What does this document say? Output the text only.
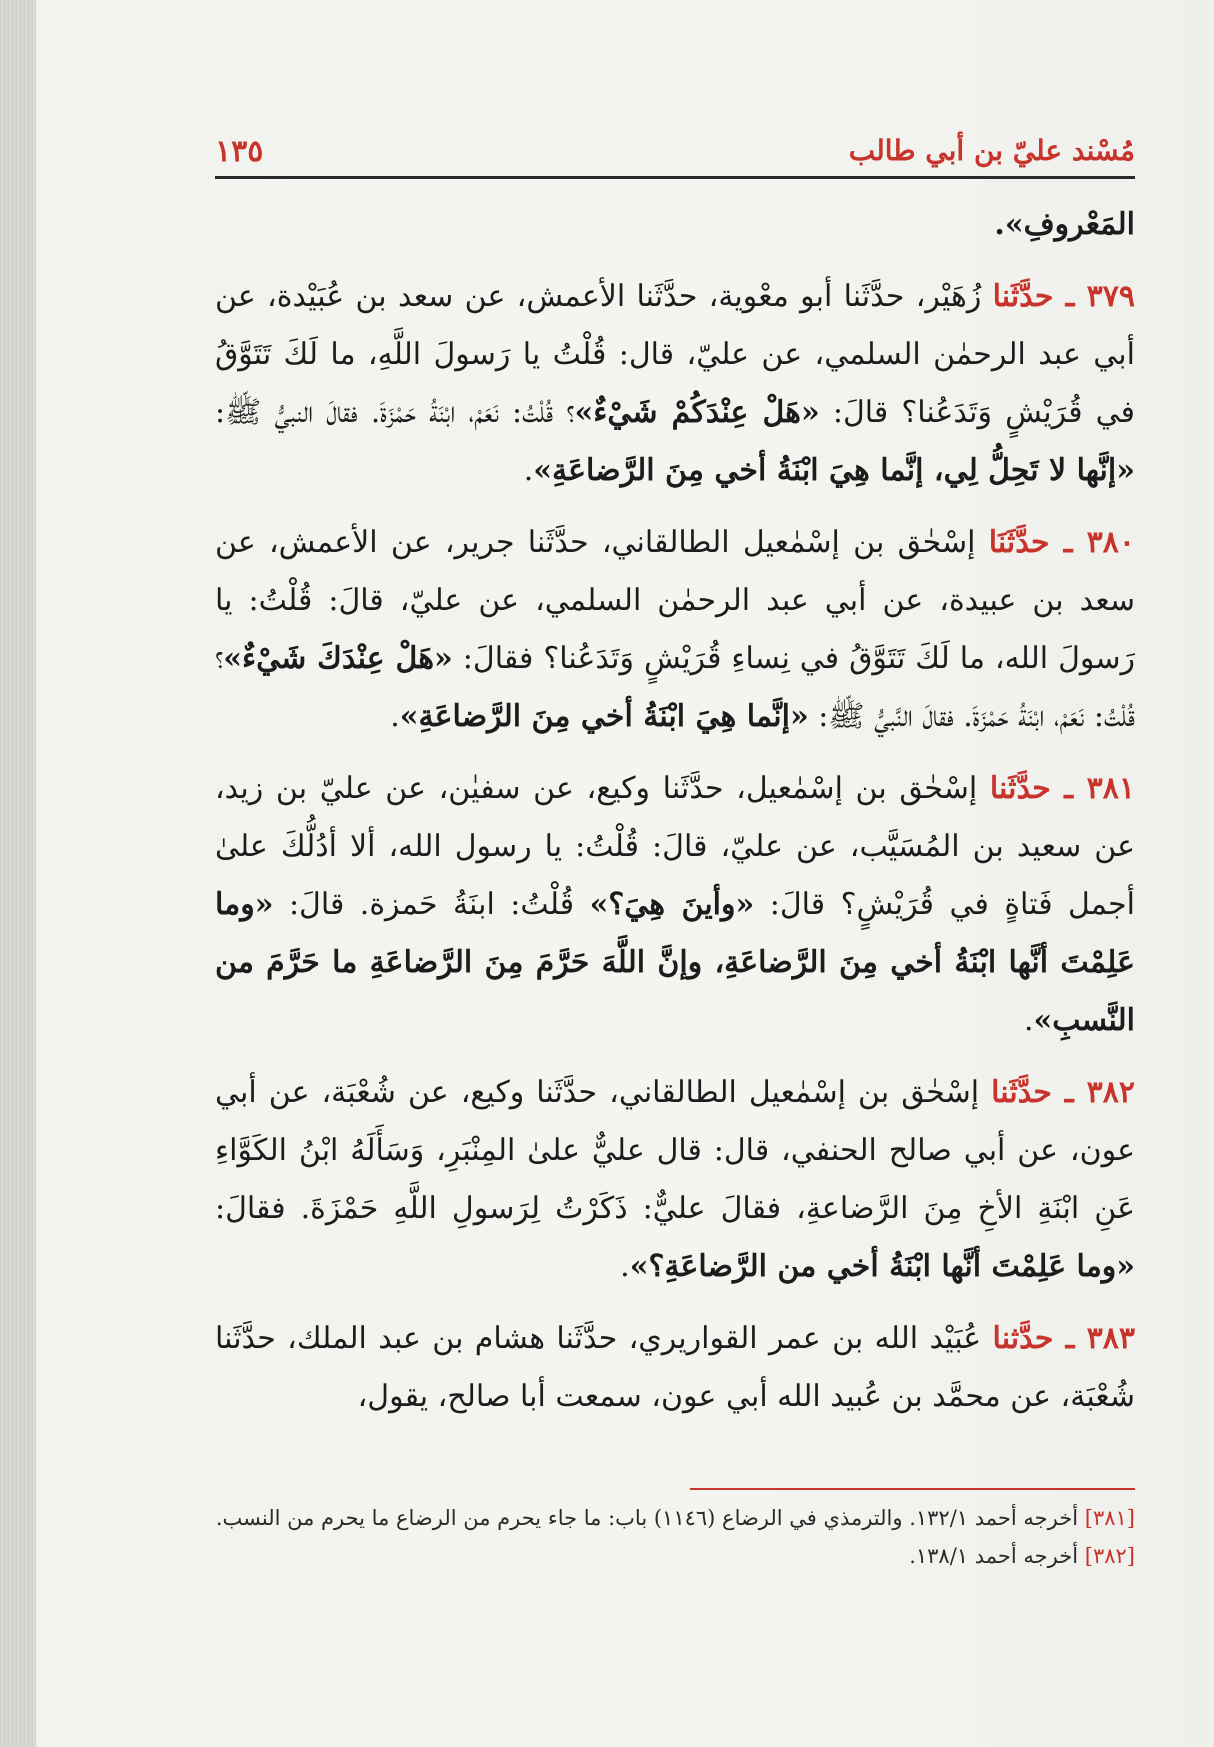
مُسْند عليّ بن أبي طالب
١٣٥

المَعْروفِ».

٣٧٩ ـ حدَّثَنا زُهَيْر، حدَّثَنا أبو معْوية، حدَّثَنا الأعمش، عن سعد بن عُبَيْدة، عن أبي عبد الرحمٰن السلمي، عن عليّ، قال: قُلْتُ يا رَسولَ اللَّهِ، ما لَكَ تَتَوَّقُ في قُرَيْشٍ وَتَدَعُنا؟ قالَ: «هَلْ عِنْدَكُمْ شَيْءٌ»؟ قُلْتُ: نَعَمْ، ابْنَةُ حَمْزَةَ. فقالَ النبيُّ ﷺ: «إنَّها لا تَحِلُّ لِي، إنَّما هِيَ ابْنَةُ أخي مِنَ الرَّضاعَةِ».

٣٨٠ ـ حدَّثَنَا إسْحٰق بن إسْمٰعيل الطالقاني، حدَّثَنا جرير، عن الأعمش، عن سعد بن عبيدة، عن أبي عبد الرحمٰن السلمي، عن عليّ، قالَ: قُلْتُ: يا رَسولَ الله، ما لَكَ تَتَوَّقُ في نِساءِ قُرَيْشٍ وَتَدَعُنا؟ فقالَ: «هَلْ عِنْدَكَ شَيْءٌ»؟ قُلْتُ: نَعَمْ، ابْنَةُ حَمْزَةَ. فقالَ النَّبيُّ ﷺ: «إنَّما هِيَ ابْنَةُ أخي مِنَ الرَّضاعَةِ».

٣٨١ ـ حدَّثَنا إسْحٰق بن إسْمٰعيل، حدَّثَنا وكيع، عن سفيٰن، عن عليّ بن زيد، عن سعيد بن المُسَيَّب، عن عليّ، قالَ: قُلْتُ: يا رسول الله، ألا أدُلُّكَ علىٰ أجمل فَتاةٍ في قُرَيْشٍ؟ قالَ: «وأينَ هِيَ؟» قُلْتُ: ابنَةُ حَمزة. قالَ: «وما عَلِمْتَ أنَّها ابْنَةُ أخي مِنَ الرَّضاعَةِ، وإنَّ اللَّهَ حَرَّمَ مِنَ الرَّضاعَةِ ما حَرَّمَ من النَّسبِ».

٣٨٢ ـ حدَّثَنا إسْحٰق بن إسْمٰعيل الطالقاني، حدَّثَنا وكيع، عن شُعْبَة، عن أبي عون، عن أبي صالح الحنفي، قال: قال عليٌّ علىٰ المِنْبَرِ، وَسَأَلَهُ ابْنُ الكَوَّاءِ عَنِ ابْنَةِ الأخِ مِنَ الرَّضاعةِ، فقالَ عليٌّ: ذَكَرْتُ لِرَسولِ اللَّهِ حَمْزَةَ. فقالَ: «وما عَلِمْتَ أنَّها ابْنَةُ أخي من الرَّضاعَةِ؟».

٣٨٣ ـ حدَّثنا عُبَيْد الله بن عمر القواريري، حدَّثَنا هشام بن عبد الملك، حدَّثَنا شُعْبَة، عن محمَّد بن عُبيد الله أبي عون، سمعت أبا صالح، يقول،

[٣٨١] أخرجه أحمد ١٣٢/١. والترمذي في الرضاع (١١٤٦) باب: ما جاء يحرم من الرضاع ما يحرم من النسب.

[٣٨٢] أخرجه أحمد ١٣٨/١.
